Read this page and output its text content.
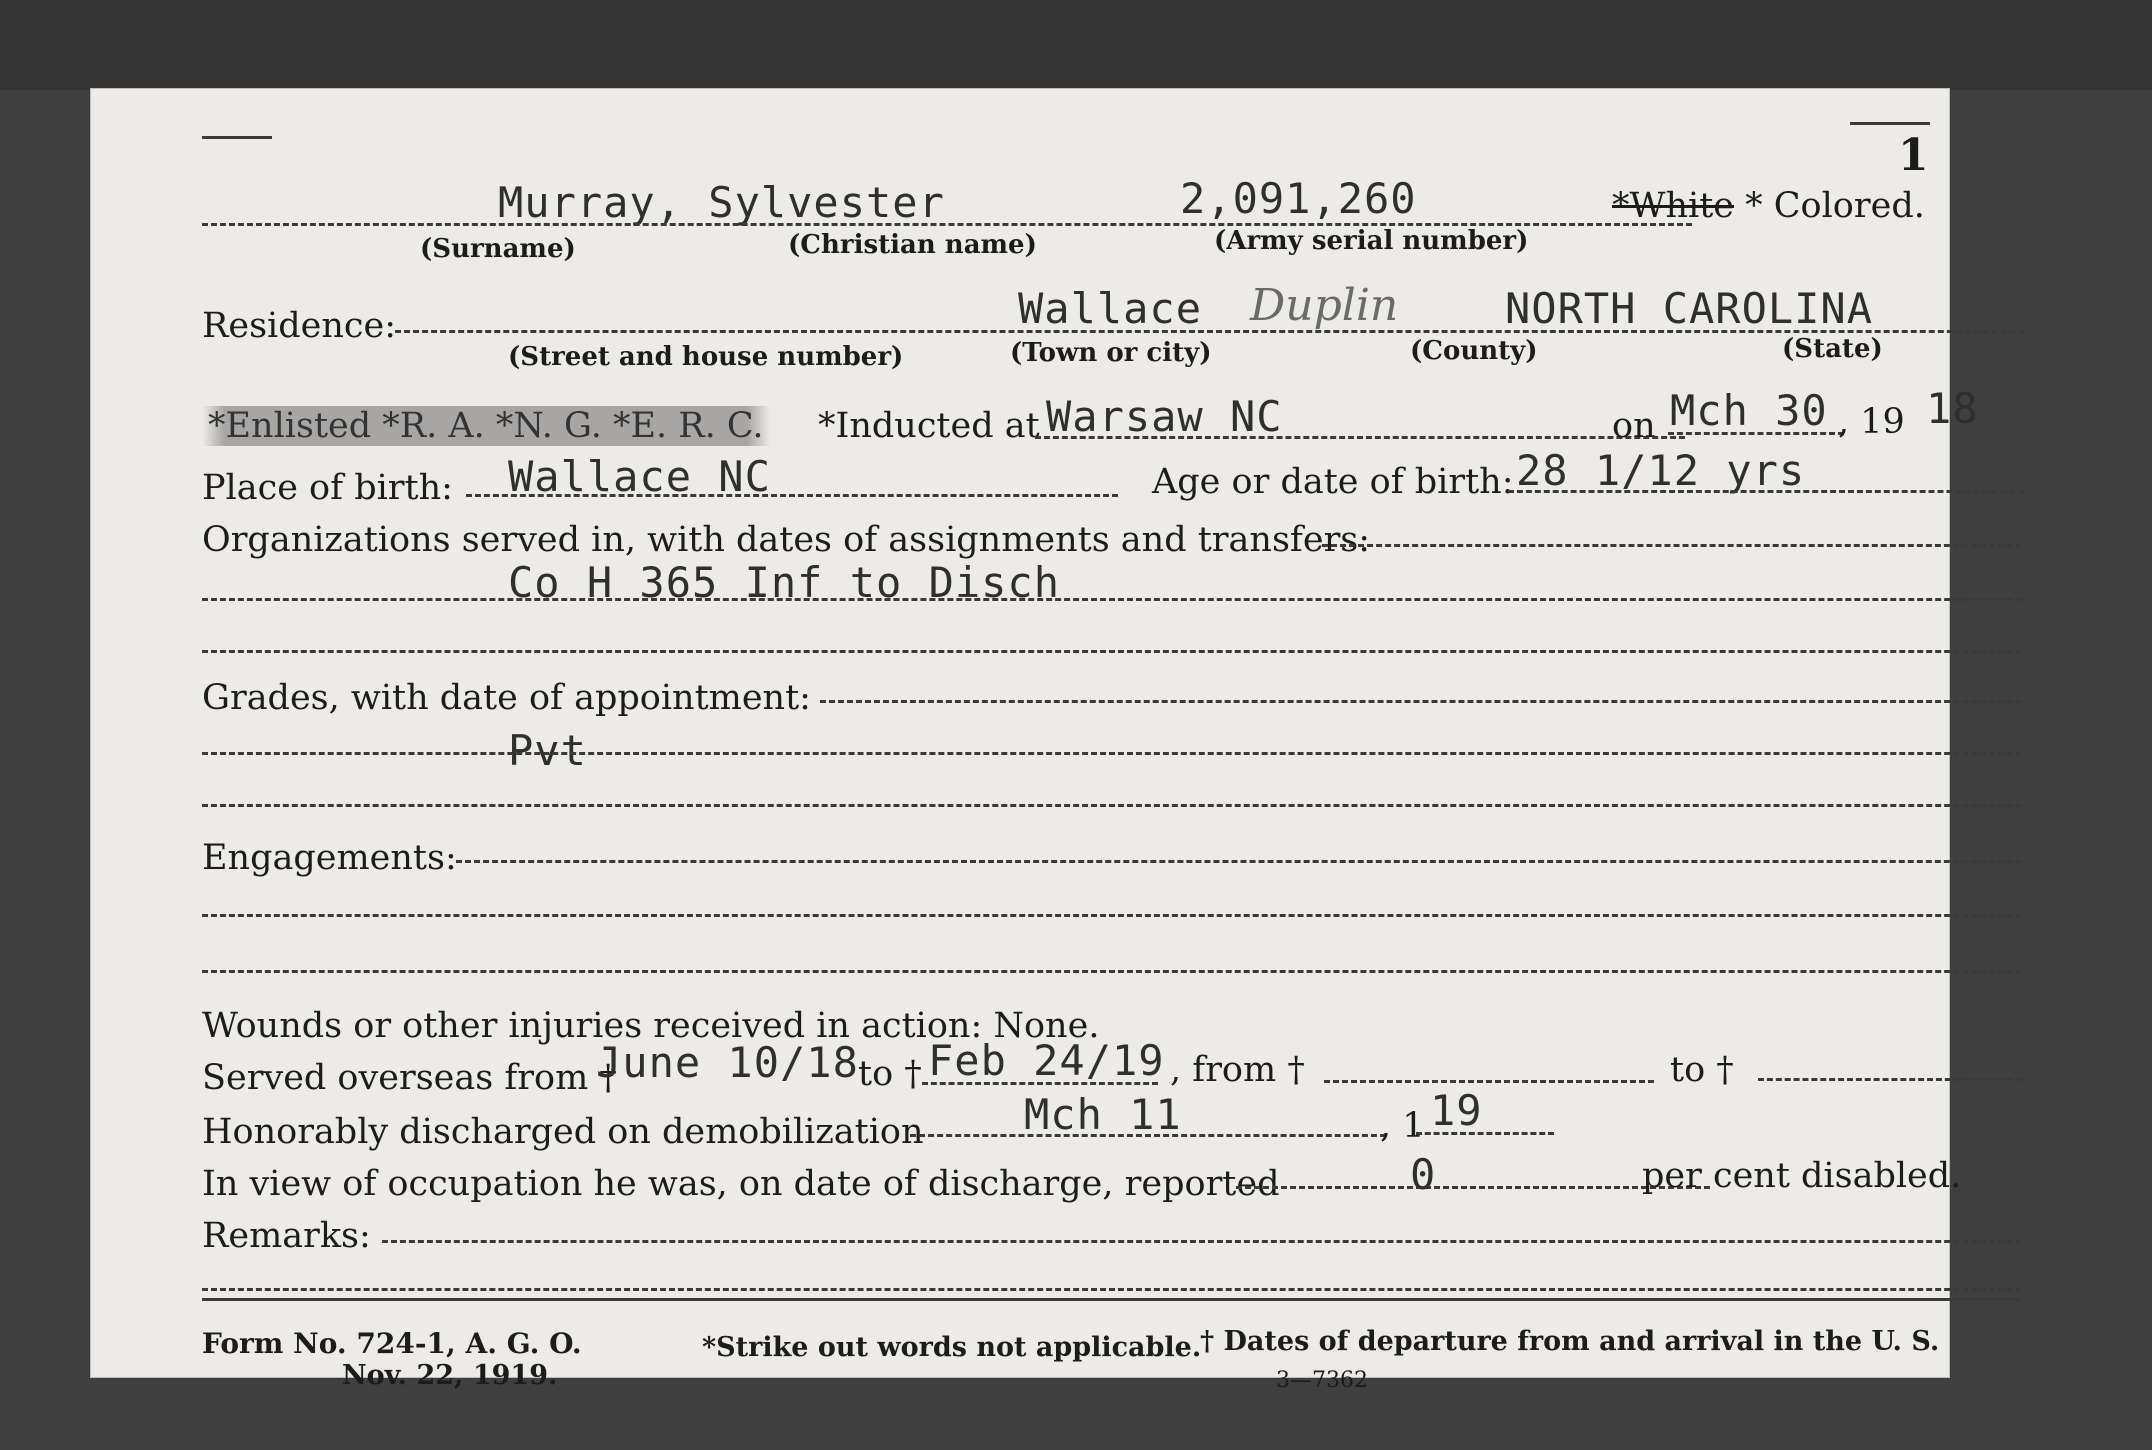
1
Murray, Sylvester	2,091,260	*White * Colored.
(Surname)	(Christian name)	(Army serial number)
Residence:	Wallace Duplin	NORTH CAROLINA
(Street and house number)	(Town or city)	(County)	(State)
*Enlisted *R. A. *N. G. *E. R. C. *Inducted at Warsaw NC	on Mch 30 , 19 18
Place of birth: Wallace NC	Age or date of birth: 28 1/12 yrs
Organizations served in, with dates of assignments and transfers:
Co H 365 Inf to Disch
Grades, with date of appointment:
Pvt
Engagements:
Wounds or other injuries received in action: None.
Served overseas from †
June 10/18 to † Feb 24/19 , from †	to †
Honorably discharged on demobilization Mch 11	, 1 19
In view of occupation he was, on date of discharge, reported	0	per cent disabled.
Remarks:
Form No. 724-1, A. G. O.
Nov. 22, 1919.
*Strike out words not applicable.
† Dates of departure from and arrival in the U. S.
3—7362
